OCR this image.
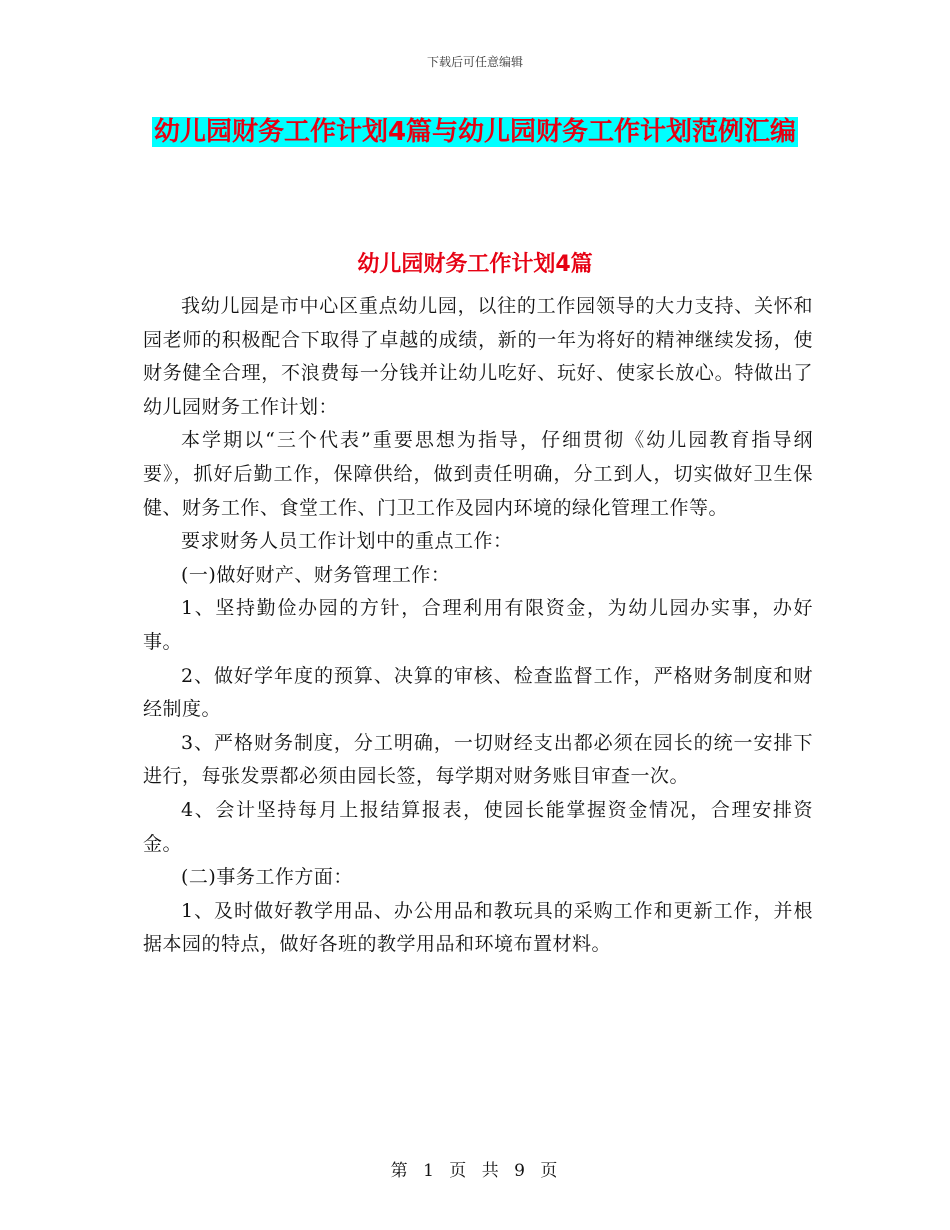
下载后可任意编辑
幼儿园财务工作计划4篇与幼儿园财务工作计划范例汇编
幼儿园财务工作计划4篇

我幼儿园是市中心区重点幼儿园，以往的工作园领导的大力支持、关怀和园老师的积极配合下取得了卓越的成绩，新的一年为将好的精神继续发扬，使财务健全合理，不浪费每一分钱并让幼儿吃好、玩好、使家长放心。特做出了幼儿园财务工作计划：

本学期以“三个代表”重要思想为指导，仔细贯彻《幼儿园教育指导纲要》，抓好后勤工作，保障供给，做到责任明确，分工到人，切实做好卫生保健、财务工作、食堂工作、门卫工作及园内环境的绿化管理工作等。

要求财务人员工作计划中的重点工作：

(一)做好财产、财务管理工作：

1、坚持勤俭办园的方针，合理利用有限资金，为幼儿园办实事，办好事。

2、做好学年度的预算、决算的审核、检查监督工作，严格财务制度和财经制度。

3、严格财务制度，分工明确，一切财经支出都必须在园长的统一安排下进行，每张发票都必须由园长签，每学期对财务账目审查一次。

4、会计坚持每月上报结算报表，使园长能掌握资金情况，合理安排资金。

(二)事务工作方面：

1、及时做好教学用品、办公用品和教玩具的采购工作和更新工作，并根据本园的特点，做好各班的教学用品和环境布置材料。

第 1 页 共 9 页
